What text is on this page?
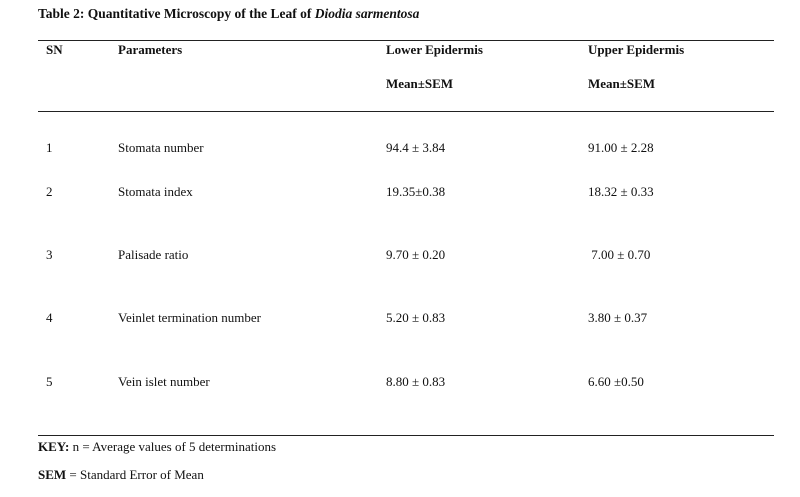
Table 2: Quantitative Microscopy of the Leaf of Diodia sarmentosa
SN	Parameters	Lower Epidermis	Upper Epidermis
Mean±SEM	Mean±SEM
1	Stomata number	94.4 ± 3.84	91.00 ± 2.28
2	Stomata index	19.35±0.38	18.32 ± 0.33
3	Palisade ratio	9.70 ± 0.20	7.00 ± 0.70
4	Veinlet termination number	5.20 ± 0.83	3.80 ± 0.37
5	Vein islet number	8.80 ± 0.83	6.60 ±0.50
KEY: n = Average values of 5 determinations
SEM = Standard Error of Mean
